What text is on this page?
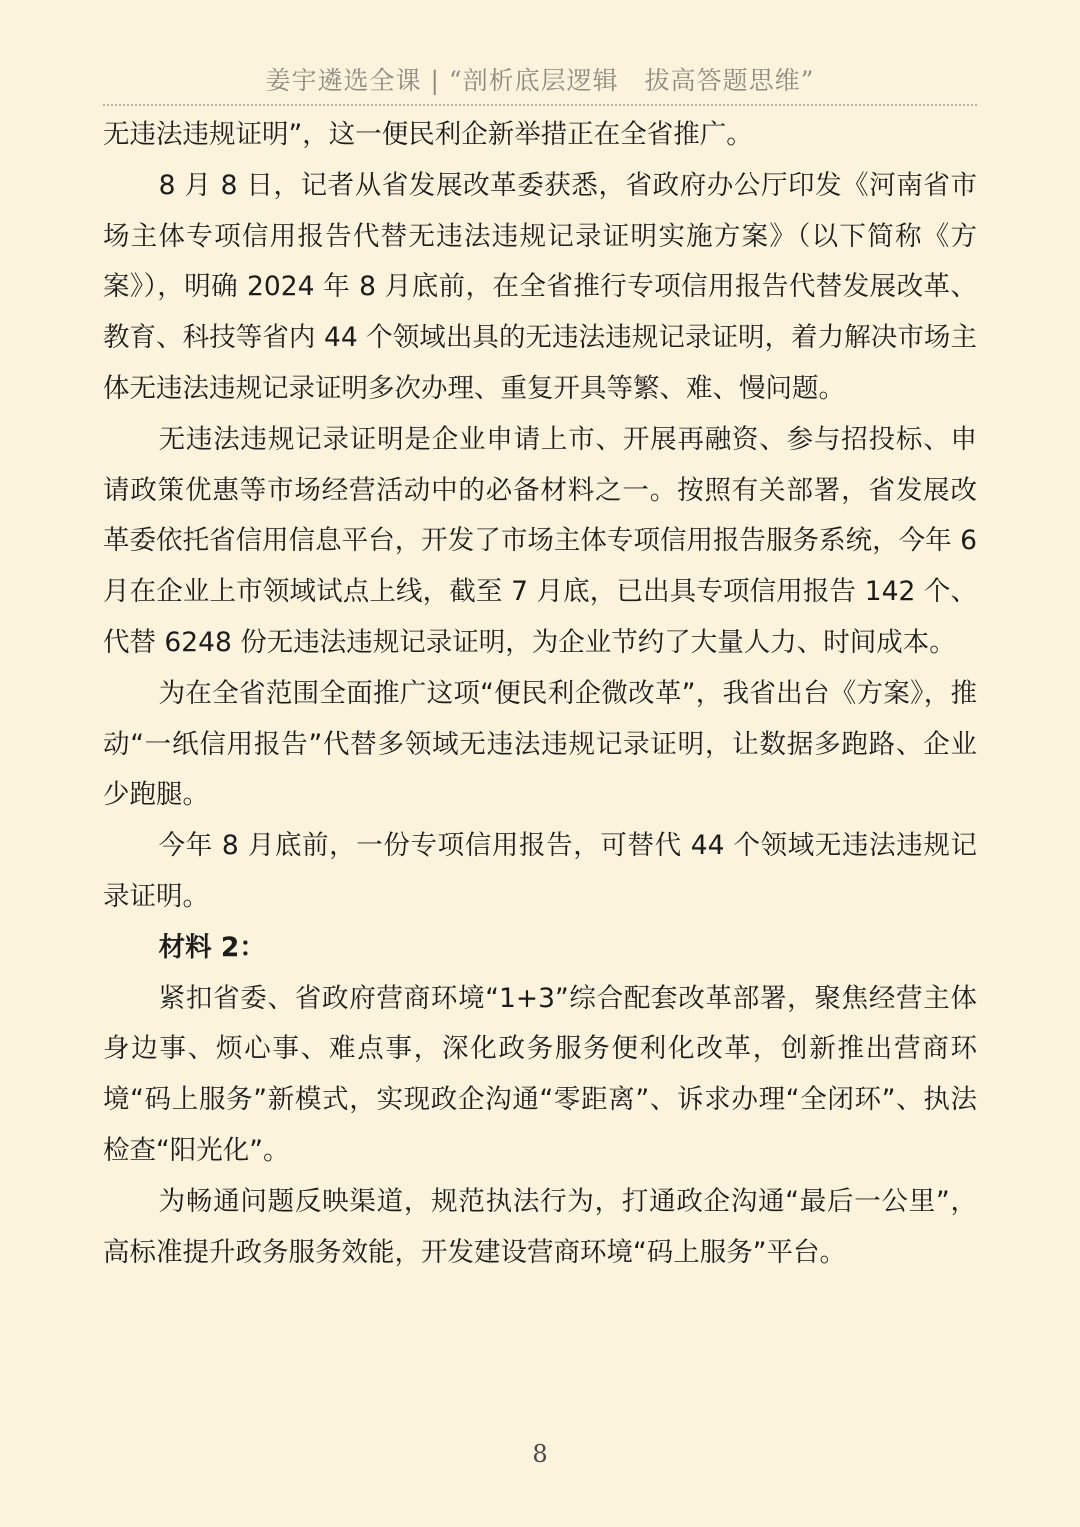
姜宇遴选全课 | “剖析底层逻辑　拔高答题思维”

无违法违规证明”，这一便民利企新举措正在全省推广。

8 月 8 日，记者从省发展改革委获悉，省政府办公厅印发《河南省市场主体专项信用报告代替无违法违规记录证明实施方案》（以下简称《方案》），明确 2024 年 8 月底前，在全省推行专项信用报告代替发展改革、教育、科技等省内 44 个领域出具的无违法违规记录证明，着力解决市场主体无违法违规记录证明多次办理、重复开具等繁、难、慢问题。

无违法违规记录证明是企业申请上市、开展再融资、参与招投标、申请政策优惠等市场经营活动中的必备材料之一。按照有关部署，省发展改革委依托省信用信息平台，开发了市场主体专项信用报告服务系统，今年 6 月在企业上市领域试点上线，截至 7 月底，已出具专项信用报告 142 个、代替 6248 份无违法违规记录证明，为企业节约了大量人力、时间成本。

为在全省范围全面推广这项“便民利企微改革”，我省出台《方案》，推动“一纸信用报告”代替多领域无违法违规记录证明，让数据多跑路、企业少跑腿。

今年 8 月底前，一份专项信用报告，可替代 44 个领域无违法违规记录证明。

材料 2：

紧扣省委、省政府营商环境“1+3”综合配套改革部署，聚焦经营主体身边事、烦心事、难点事，深化政务服务便利化改革，创新推出营商环境“码上服务”新模式，实现政企沟通“零距离”、诉求办理“全闭环”、执法检查“阳光化”。

为畅通问题反映渠道，规范执法行为，打通政企沟通“最后一公里”，高标准提升政务服务效能，开发建设营商环境“码上服务”平台。

8
